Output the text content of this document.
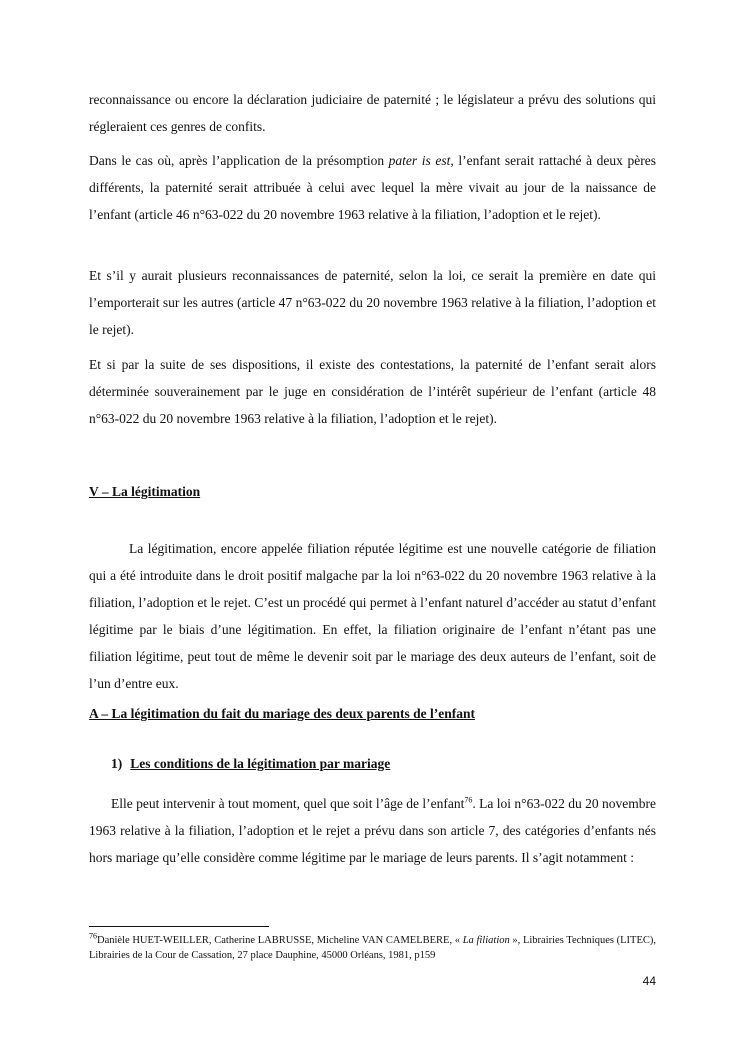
reconnaissance ou encore la déclaration judiciaire de paternité ; le législateur a prévu des solutions qui régleraient ces genres de confits.

Dans le cas où, après l’application de la présomption pater is est, l’enfant serait rattaché à deux pères différents, la paternité serait attribuée à celui avec lequel la mère vivait au jour de la naissance de l’enfant (article 46 n°63-022 du 20 novembre 1963 relative à la filiation, l’adoption et le rejet).

Et s’il y aurait plusieurs reconnaissances de paternité, selon la loi, ce serait la première en date qui l’emporterait sur les autres (article 47 n°63-022 du 20 novembre 1963 relative à la filiation, l’adoption et le rejet).

Et si par la suite de ses dispositions, il existe des contestations, la paternité de l’enfant serait alors déterminée souverainement par le juge en considération de l’intérêt supérieur de l’enfant (article 48 n°63-022 du 20 novembre 1963 relative à la filiation, l’adoption et le rejet).

V – La légitimation

La légitimation, encore appelée filiation réputée légitime est une nouvelle catégorie de filiation qui a été introduite dans le droit positif malgache par la loi n°63-022 du 20 novembre 1963 relative à la filiation, l’adoption et le rejet. C’est un procédé qui permet à l’enfant naturel d’accéder au statut d’enfant légitime par le biais d’une légitimation. En effet, la filiation originaire de l’enfant n’étant pas une filiation légitime, peut tout de même le devenir soit par le mariage des deux auteurs de l’enfant, soit de l’un d’entre eux.

A – La légitimation du fait du mariage des deux parents de l’enfant

1) Les conditions de la légitimation par mariage

Elle peut intervenir à tout moment, quel que soit l’âge de l’enfant$^{76}$. La loi n°63-022 du 20 novembre 1963 relative à la filiation, l’adoption et le rejet a prévu dans son article 7, des catégories d’enfants nés hors mariage qu’elle considère comme légitime par le mariage de leurs parents. Il s’agit notamment :

$^{76}$Danièle HUET-WEILLER, Catherine LABRUSSE, Micheline VAN CAMELBERE, « La filiation », Librairies Techniques (LITEC), Librairies de la Cour de Cassation, 27 place Dauphine, 45000 Orléans, 1981, p159

44
